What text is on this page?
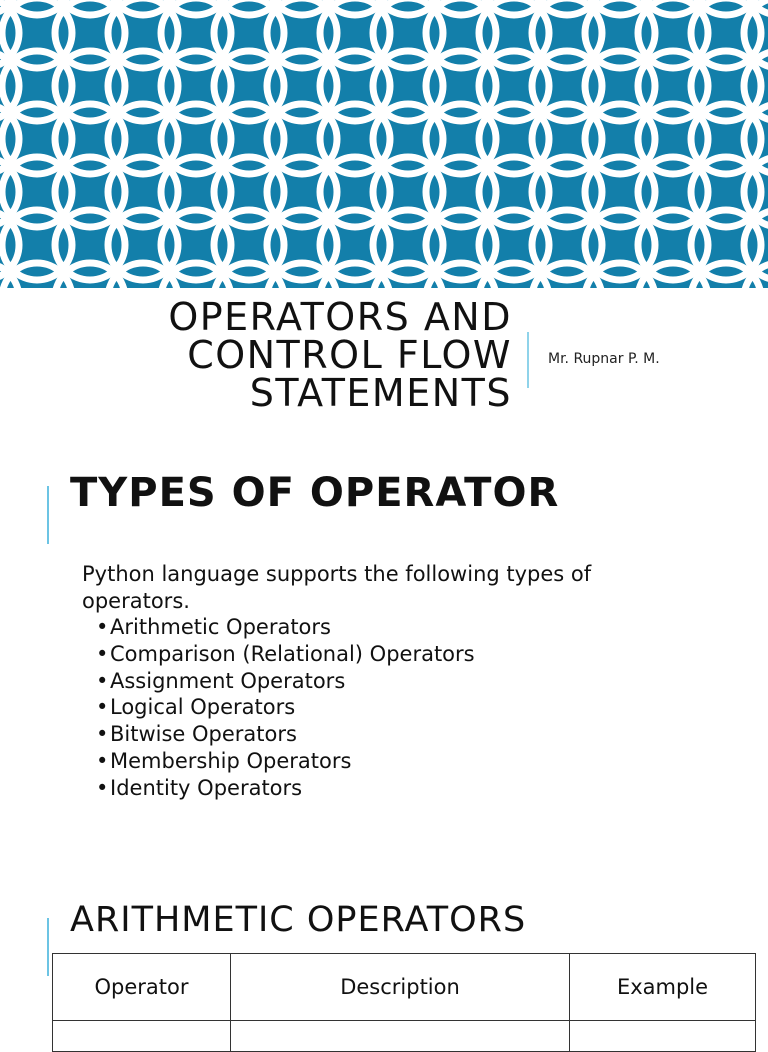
OPERATORS AND
CONTROL FLOW
STATEMENTS
Mr. Rupnar P. M.
TYPES OF OPERATOR
Python language supports the following types of operators.
• Arithmetic Operators
• Comparison (Relational) Operators
• Assignment Operators
• Logical Operators
• Bitwise Operators
• Membership Operators
• Identity Operators
ARITHMETIC OPERATORS
Operator	Description	Example
